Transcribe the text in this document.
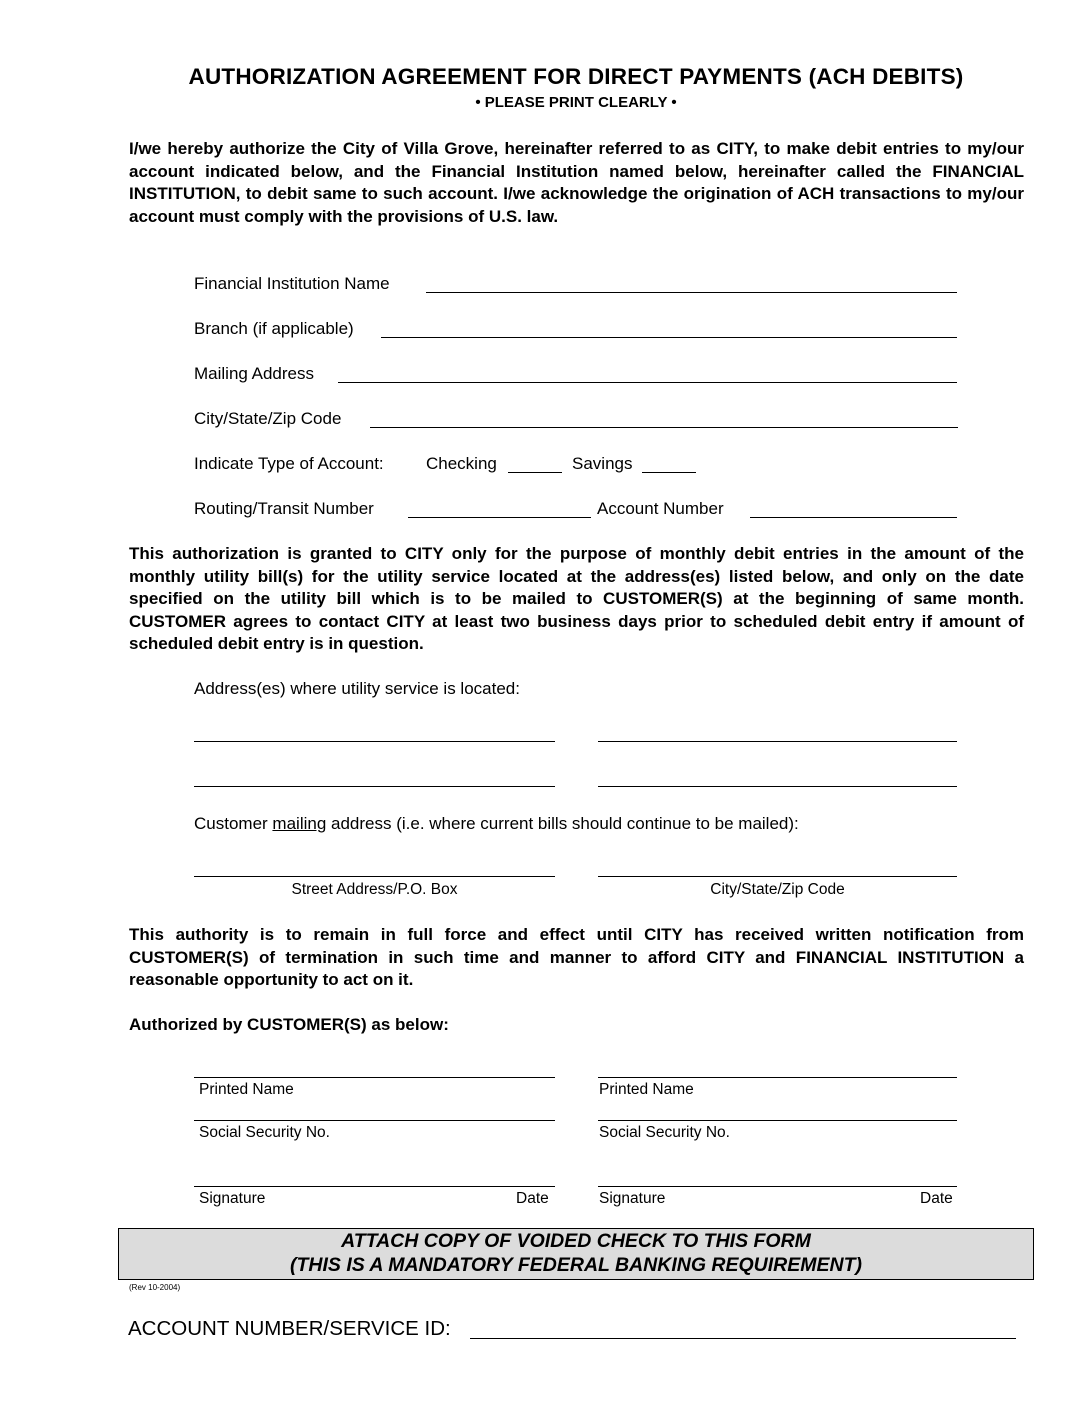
AUTHORIZATION AGREEMENT FOR DIRECT PAYMENTS (ACH DEBITS)
• PLEASE PRINT CLEARLY •
I/we hereby authorize the City of Villa Grove, hereinafter referred to as CITY, to make debit entries to my/our account indicated below, and the Financial Institution named below, hereinafter called the FINANCIAL INSTITUTION, to debit same to such account. I/we acknowledge the origination of ACH transactions to my/our account must comply with the provisions of U.S. law.
Financial Institution Name
Branch (if applicable)
Mailing Address
City/State/Zip Code
Indicate Type of Account: Checking	Savings
Routing/Transit Number	Account Number
This authorization is granted to CITY only for the purpose of monthly debit entries in the amount of the monthly utility bill(s) for the utility service located at the address(es) listed below, and only on the date specified on the utility bill which is to be mailed to CUSTOMER(S) at the beginning of same month. CUSTOMER agrees to contact CITY at least two business days prior to scheduled debit entry if amount of scheduled debit entry is in question.
Address(es) where utility service is located:
Customer mailing address (i.e. where current bills should continue to be mailed):
Street Address/P.O. Box	City/State/Zip Code
This authority is to remain in full force and effect until CITY has received written notification from CUSTOMER(S) of termination in such time and manner to afford CITY and FINANCIAL INSTITUTION a reasonable opportunity to act on it.
Authorized by CUSTOMER(S) as below:
Printed Name
Social Security No.
Signature	Date
Printed Name
Social Security No.
Signature	Date
ATTACH COPY OF VOIDED CHECK TO THIS FORM
(THIS IS A MANDATORY FEDERAL BANKING REQUIREMENT)
(Rev 10-2004)
ACCOUNT NUMBER/SERVICE ID:
